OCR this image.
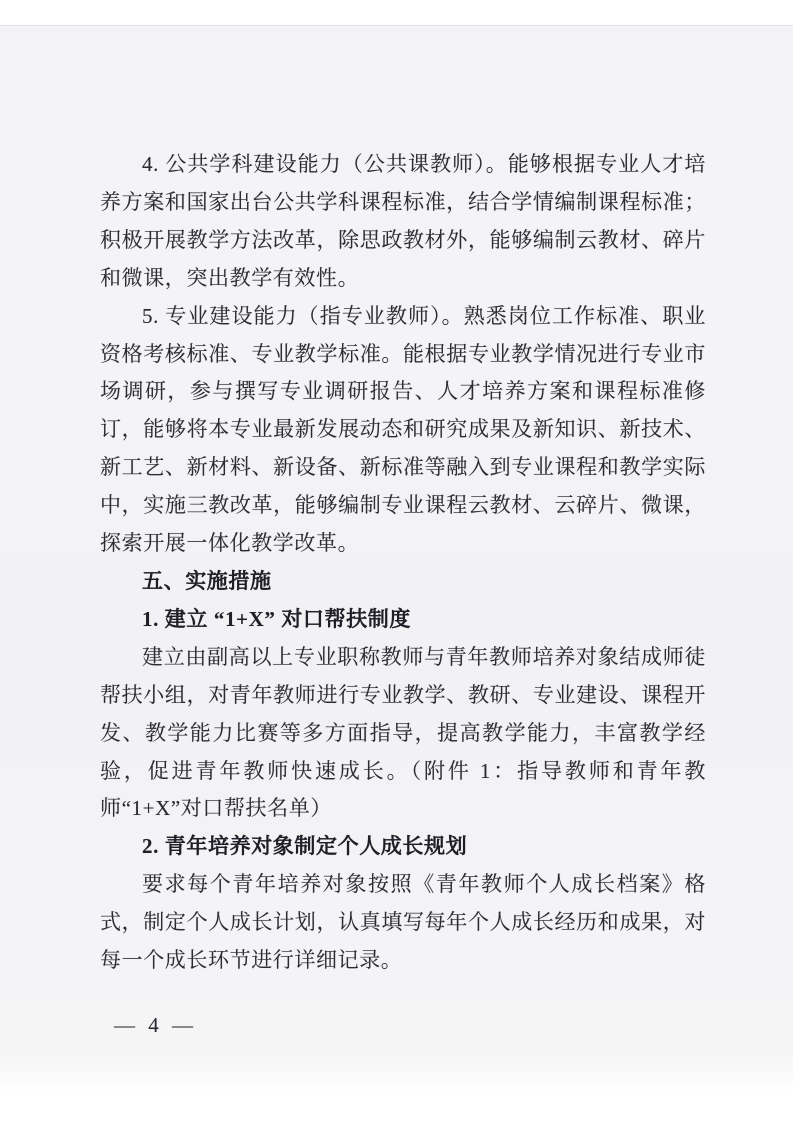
4. 公共学科建设能力（公共课教师）。能够根据专业人才培养方案和国家出台公共学科课程标准，结合学情编制课程标准；积极开展教学方法改革，除思政教材外，能够编制云教材、碎片和微课，突出教学有效性。

5. 专业建设能力（指专业教师）。熟悉岗位工作标准、职业资格考核标准、专业教学标准。能根据专业教学情况进行专业市场调研，参与撰写专业调研报告、人才培养方案和课程标准修订，能够将本专业最新发展动态和研究成果及新知识、新技术、新工艺、新材料、新设备、新标准等融入到专业课程和教学实际中，实施三教改革，能够编制专业课程云教材、云碎片、微课，探索开展一体化教学改革。

五、实施措施

1. 建立 “1+X” 对口帮扶制度

建立由副高以上专业职称教师与青年教师培养对象结成师徒帮扶小组，对青年教师进行专业教学、教研、专业建设、课程开发、教学能力比赛等多方面指导，提高教学能力，丰富教学经验，促进青年教师快速成长。（附件 1：指导教师和青年教师“1+X”对口帮扶名单）

2. 青年培养对象制定个人成长规划

要求每个青年培养对象按照《青年教师个人成长档案》格式，制定个人成长计划，认真填写每年个人成长经历和成果，对每一个成长环节进行详细记录。

— 4 —
